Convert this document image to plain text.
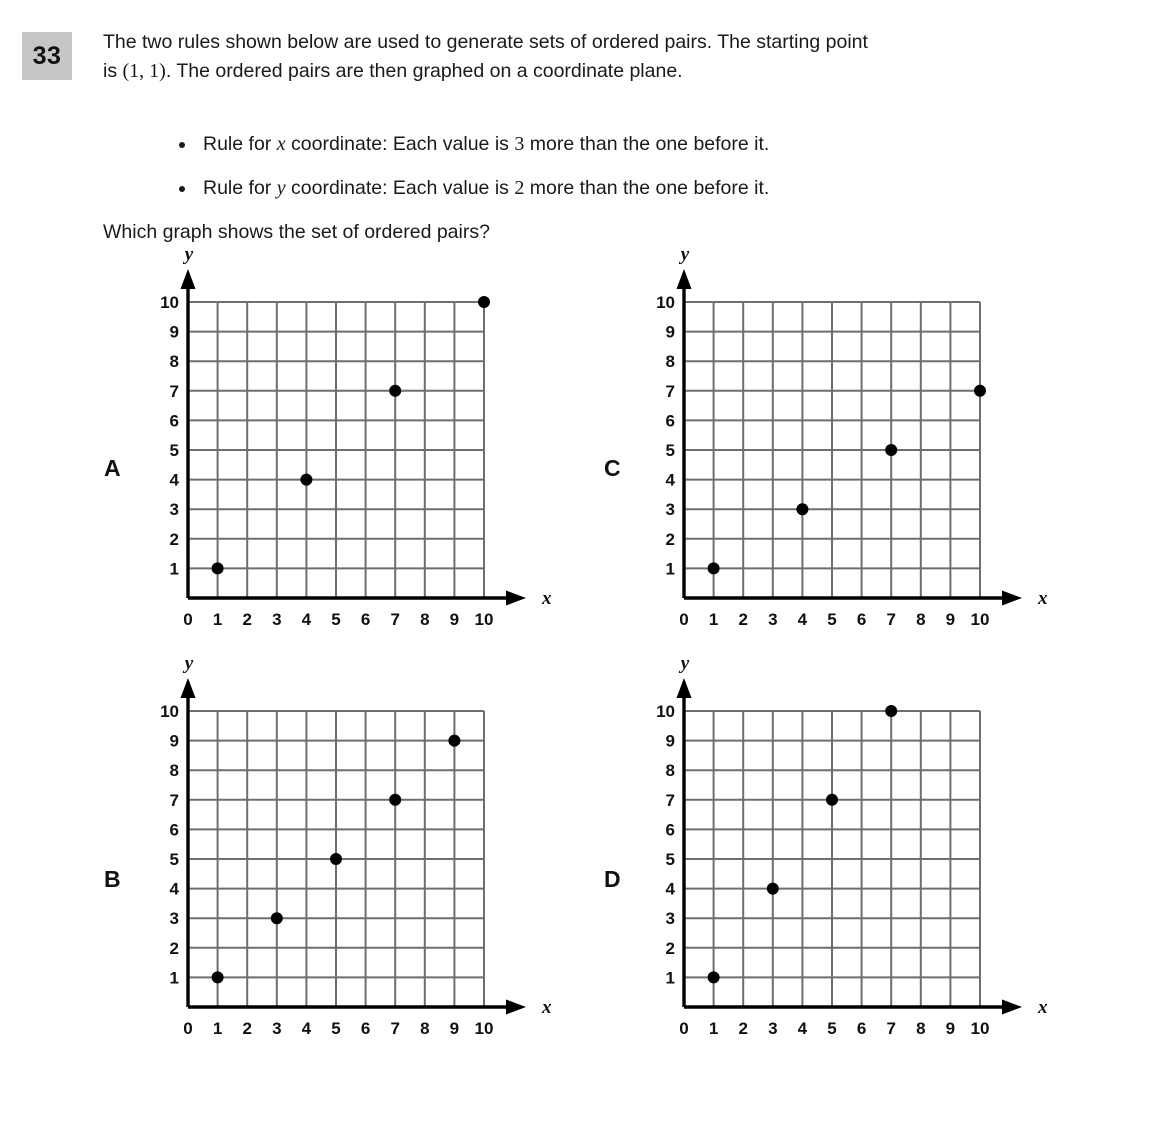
33	The two rules shown below are used to generate sets of ordered pairs. The starting point
is (1, 1). The ordered pairs are then graphed on a coordinate plane.
Rule for x coordinate: Each value is 3 more than the one before it.
Rule for y coordinate: Each value is 2 more than the one before it.
Which graph shows the set of ordered pairs?
A
y
x
1
2
3
4
5
6
7
8
9
10
0 1 2 3 4 5 6 7 8 9 10
B
y
x
1
2
3
4
5
6
7
8
9
10
0 1 2 3 4 5 6 7 8 9 10
C
y
x
1
2
3
4
5
6
7
8
9
10
0 1 2 3 4 5 6 7 8 9 10
D
y
x
1
2
3
4
5
6
7
8
9
10
0 1 2 3 4 5 6 7 8 9 10
